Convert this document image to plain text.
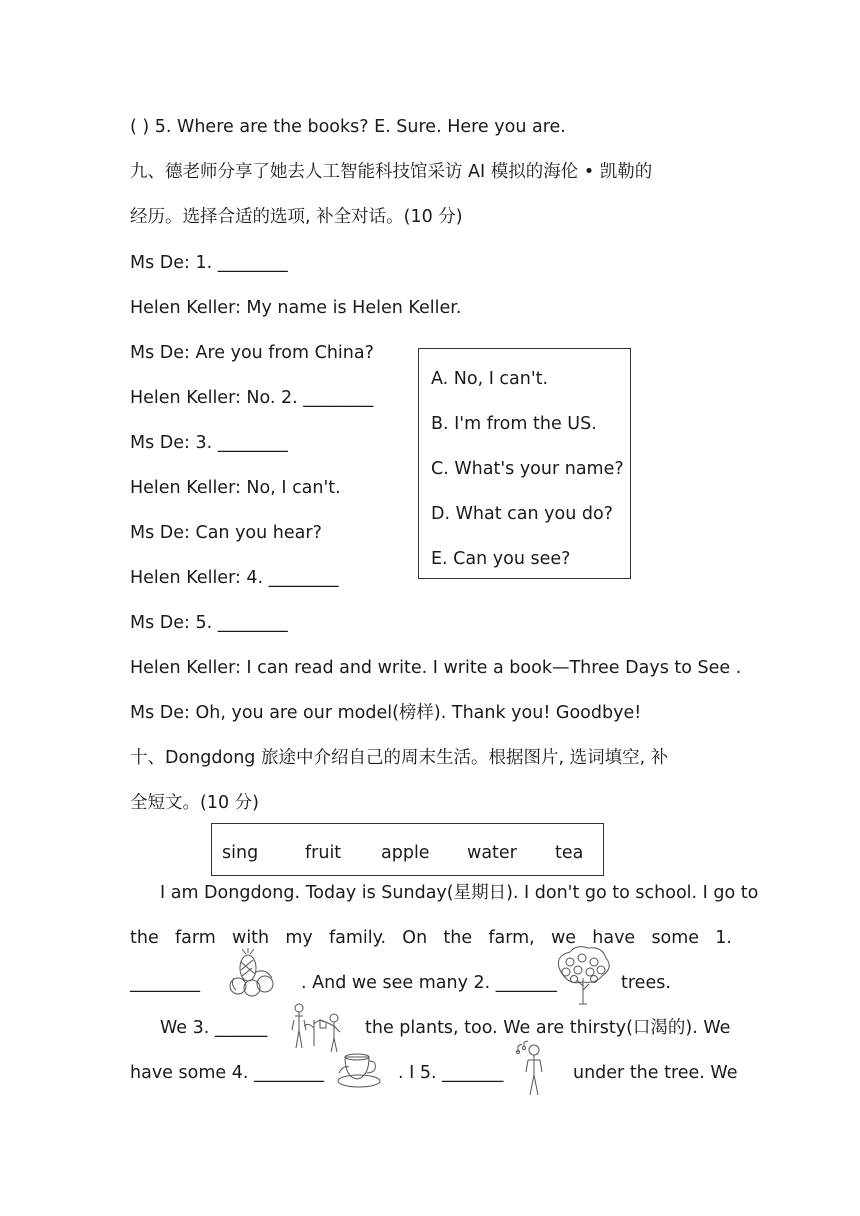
( ) 5. Where are the books? E. Sure. Here you are.
九、德老师分享了她去人工智能科技馆采访 AI 模拟的海伦 • 凯勒的
经历。选择合适的选项, 补全对话。(10 分)
Ms De: 1. ________
Helen Keller: My name is Helen Keller.
Ms De: Are you from China?
Helen Keller: No. 2. ________
Ms De: 3. ________
Helen Keller: No, I can't.
Ms De: Can you hear?
Helen Keller: 4. ________
Ms De: 5. ________
Helen Keller: I can read and write. I write a book—Three Days to See .
Ms De: Oh, you are our model(榜样). Thank you! Goodbye!
A. No, I can't.
B. I'm from the US.
C. What's your name?
D. What can you do?
E. Can you see?
十、Dongdong 旅途中介绍自己的周末生活。根据图片, 选词填空, 补
全短文。(10 分)
sing	fruit apple water tea
I am Dongdong. Today is Sunday(星期日). I don't go to school. I go to
the farm with my family. On the farm, we have some 1.
________	. And we see many 2. _______	trees.
We 3. ______	the plants, too. We are thirsty(口渴的). We
have some 4. ________	. I 5. _______	under the tree. We
